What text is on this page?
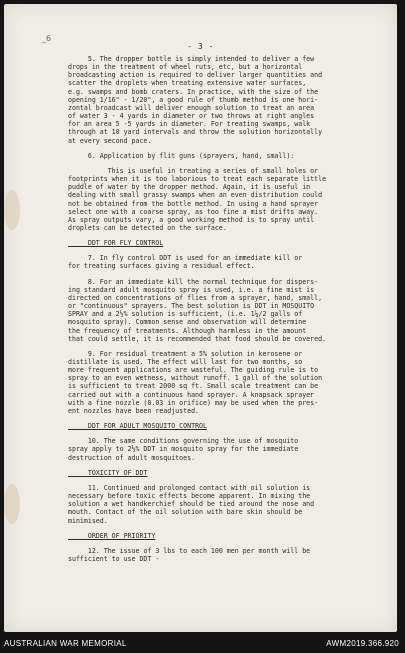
_6
- 3 -

5. The dropper bottle is simply intended to deliver a few
drops in the treatment of wheel ruts, etc, but a horizontal
broadcasting action is required to deliver larger quantities and
scatter the droplets when treating extensive water surfaces,
e.g. swamps and bomb craters. In practice, with the size of the
opening 1/16" - 1/20", a good rule of thumb method is one hori-
zontal broadcast will deliver enough solution to treat an area
of water 3 - 4 yards in diameter or two throws at right angles
for an area 5 -5 yards in diameter. For treating swamps, walk
through at 10 yard intervals and throw the solution horizontally
at every second pace.

6. Application by flit guns (sprayers, hand, small):

This is useful in treating a series of small holes or
footprints when it is too laborious to treat each separate little
puddle of water by the dropper method. Again, it is useful in
dealing with small grassy swamps when an even distribution could
not be obtained from the bottle method. In using a hand sprayer
select one with a coarse spray, as too fine a mist drifts away.
As spray outputs vary, a good working method is to spray until
droplets can be detected on the surface.

DDT FOR FLY CONTROL

7. In fly control DDT is used for an immediate kill or
for treating surfaces giving a residual effect.

8. For an immediate kill the normal technique for dispers-
ing standard adult mosquito spray is used, i.e. a fine mist is
directed on concentrations of flies from a sprayer, hand, small,
or "continuous" sprayers. The best solution is DDT in MOSQUITO
SPRAY and a 2½% solution is sufficient, (i.e. 1¼/2 galls of
mosquito spray). Common sense and observation will determine
the frequency of treatments. Although harmless in the amount
that could settle, it is recommended that food should be covered.

9. For residual treatment a 5% solution in kerosene or
distillate is used. The effect will last for two months, so
more frequent applications are wasteful. The guiding rule is to
spray to an even wetness, without runoff. 1 gall of the solution
is sufficient to treat 2000 sq ft. Small scale treatment can be
carried out with a continuous hand sprayer. A knapsack sprayer
with a fine nozzle (0.03 in orifice) may be used when the pres-
ent nozzles have been readjusted.

DDT FOR ADULT MOSQUITO CONTROL

10. The same conditions governing the use of mosquito
spray apply to 2½% DDT in mosquito spray for the immediate
destruction of adult mosquitoes.

TOXICITY OF DDT

11. Continued and prolonged contact with oil solution is
necessary before toxic effects become apparent. In mixing the
solution a wet handkerchief should be tied around the nose and
mouth. Contact of the oil solution with bare skin should be
minimised.

ORDER OF PRIORITY

12. The issue of 3 lbs to each 100 men per month will be
sufficient to use DDT -

AUSTRALIAN WAR MEMORIAL	AWM2019.366.920
